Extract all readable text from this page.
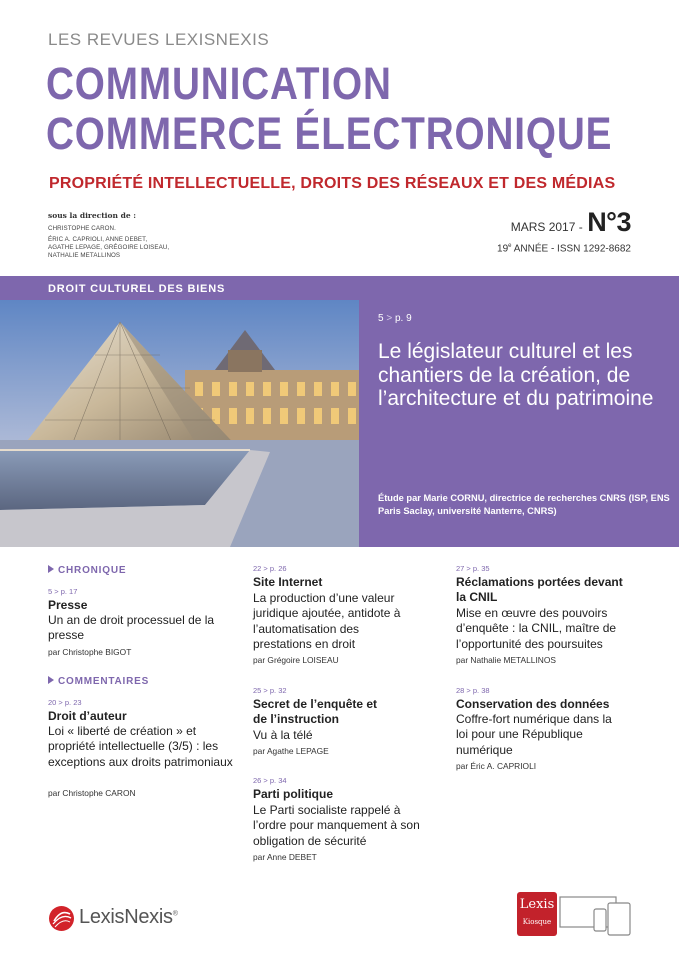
LES REVUES LEXISNEXIS
COMMUNICATION
COMMERCE ÉLECTRONIQUE
PROPRIÉTÉ INTELLECTUELLE, DROITS DES RÉSEAUX ET DES MÉDIAS
sous la direction de :
CHRISTOPHE CARON.
ÉRIC A. CAPRIOLI, ANNE DEBET,
AGATHE LEPAGE, GRÉGOIRE LOISEAU,
NATHALIE METALLINOS
MARS 2017 - N°3
19e ANNÉE - ISSN 1292-8682
DROIT CULTUREL DES BIENS
5 > p. 9
Le législateur culturel et les chantiers de la création, de l’architecture et du patrimoine
Étude par Marie CORNU, directrice de recherches CNRS (ISP, ENS Paris Saclay, université Nanterre, CNRS)
CHRONIQUE
5 > p. 17
Presse
Un an de droit processuel de la presse
par Christophe BIGOT
COMMENTAIRES
20 > p. 23
Droit d’auteur
Loi « liberté de création » et propriété intellectuelle (3/5) : les exceptions aux droits patrimoniaux
par Christophe CARON
22 > p. 26
Site Internet
La production d’une valeur juridique ajoutée, antidote à l’automatisation des prestations en droit
par Grégoire LOISEAU
25 > p. 32
Secret de l’enquête et de l’instruction
Vu à la télé
par Agathe LEPAGE
26 > p. 34
Parti politique
Le Parti socialiste rappelé à l’ordre pour manquement à son obligation de sécurité
par Anne DEBET
27 > p. 35
Réclamations portées devant la CNIL
Mise en œuvre des pouvoirs d’enquête : la CNIL, maître de l’opportunité des poursuites
par Nathalie METALLINOS
28 > p. 38
Conservation des données
Coffre-fort numérique dans la loi pour une République numérique
par Éric A. CAPRIOLI
LexisNexis®
Lexis
Kiosque
